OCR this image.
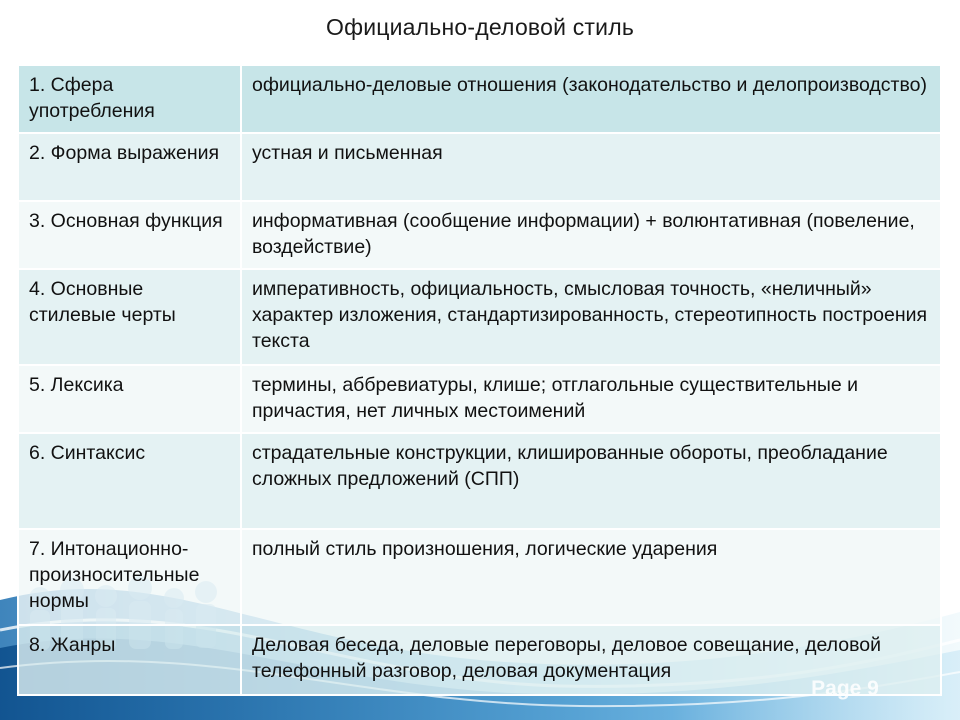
Официально-деловой стиль
1. Сфера употребления	официально-деловые отношения (законодательство и делопроизводство)
2. Форма выражения	устная и письменная
3. Основная функция	информативная (сообщение информации) + волюнтативная (повеление, воздействие)
4. Основные стилевые черты	императивность, официальность, смысловая точность, «неличный» характер изложения, стандартизированность, стереотипность построения текста
5. Лексика	термины, аббревиатуры, клише; отглагольные существительные и причастия, нет личных местоимений
6. Синтаксис	страдательные конструкции, клишированные обороты, преобладание сложных предложений (СПП)
7. Интонационно-произносительные нормы	полный стиль произношения, логические ударения
8. Жанры	Деловая беседа, деловые переговоры, деловое совещание, деловой телефонный разговор, деловая документация
Page 9
